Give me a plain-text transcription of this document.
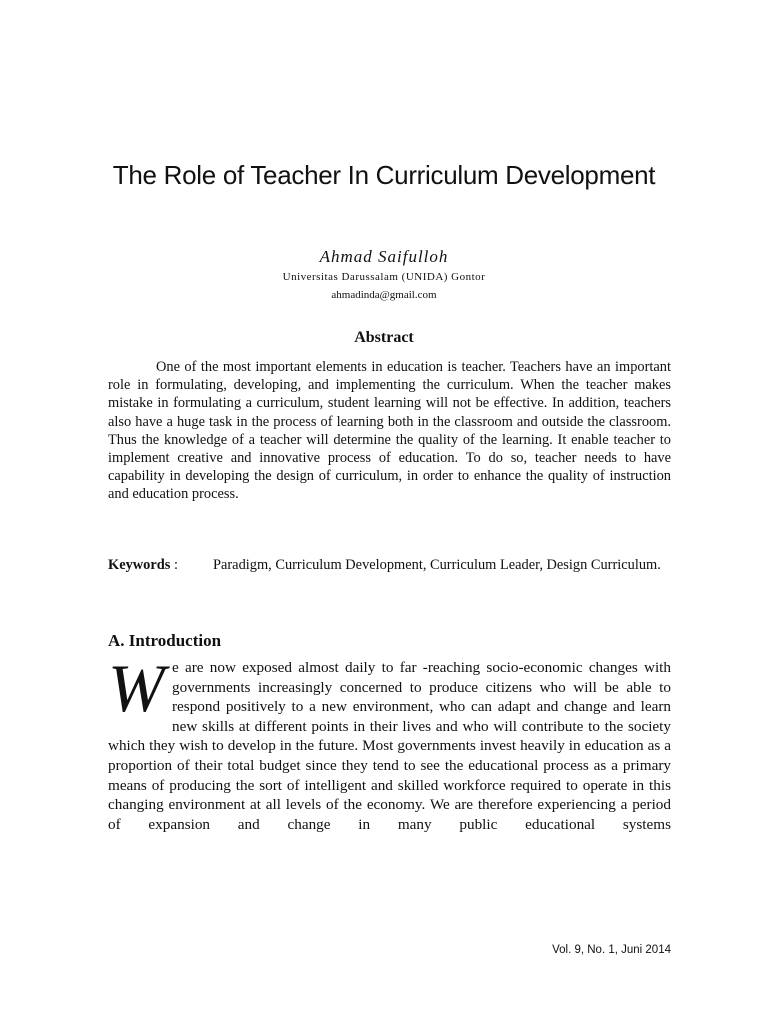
The Role of Teacher In Curriculum Development

Ahmad Saifulloh

Universitas Darussalam (UNIDA) Gontor

ahmadinda@gmail.com

Abstract

One of the most important elements in education is teacher. Teachers have an important role in formulating, developing, and implementing the curriculum. When the teacher makes mistake in formulating a curriculum, student learning will not be effective. In addition, teachers also have a huge task in the process of learning both in the classroom and outside the classroom. Thus the knowledge of a teacher will determine the quality of the learning. It enable teacher to implement creative and innovative process of education. To do so, teacher needs to have capability in developing the design of curriculum, in order to enhance the quality of instruction and education process.

Keywords :	Paradigm, Curriculum Development, Curriculum Leader, Design Curriculum.
A. Introduction

We are now exposed almost daily to far -reaching socio-economic changes with governments increasingly concerned to produce citizens who will be able to respond positively to a new environment, who can adapt and change and learn new skills at different points in their lives and who will contribute to the society which they wish to develop in the future. Most governments invest heavily in education as a proportion of their total budget since they tend to see the educational process as a primary means of producing the sort of intelligent and skilled workforce required to operate in this changing environment at all levels of the economy. We are therefore experiencing a period of expansion and change in many public educational systems

Vol. 9, No. 1, Juni 2014
